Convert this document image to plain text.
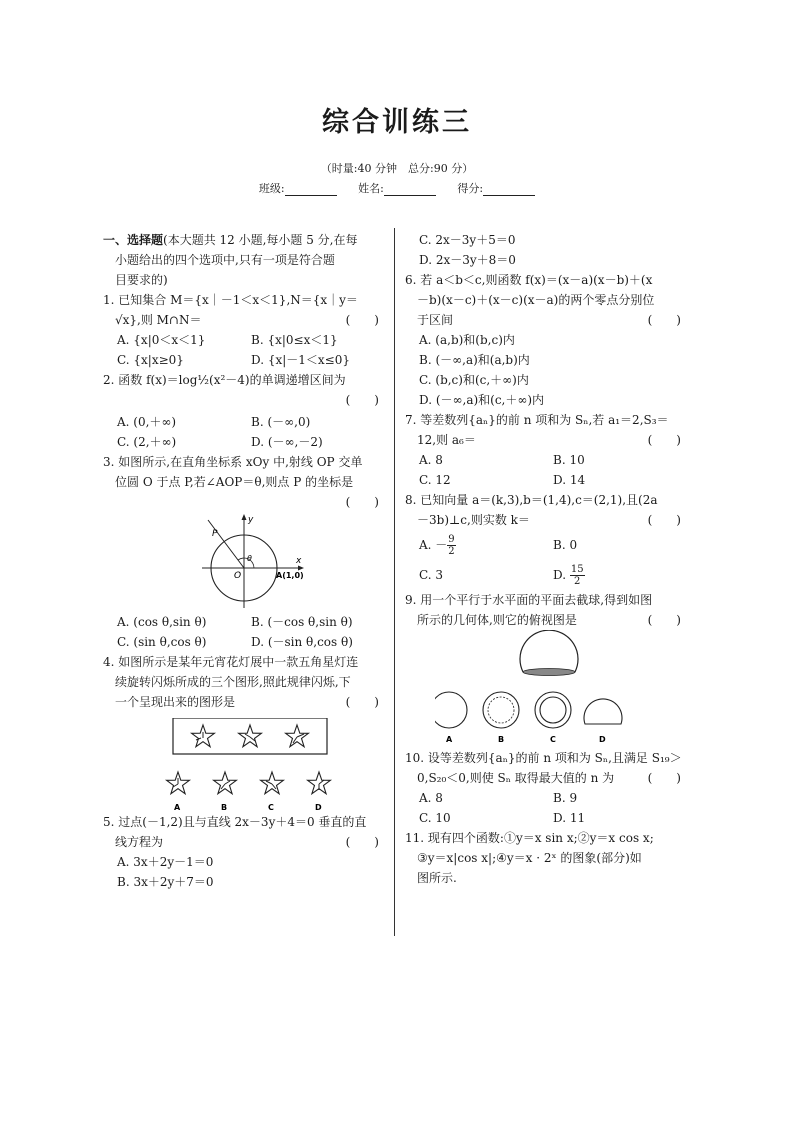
综合训练三
（时量:40 分钟　总分:90 分）
班级:	姓名:	得分:

一、选择题(本大题共 12 小题,每小题 5 分,在每

小题给出的四个选项中,只有一项是符合题

目要求的)

1. 已知集合 M＝{x｜－1＜x＜1},N＝{x｜y＝

√x},则 M∩N＝	(　　)

A. {x|0＜x＜1}	B. {x|0≤x＜1}
C. {x|x≥0}	D. {x|－1＜x≤0}

2. 函数 f(x)＝log½(x²－4)的单调递增区间为

(　　)

A. (0,＋∞)	B. (－∞,0)
C. (2,＋∞)	D. (－∞,－2)

3. 如图所示,在直角坐标系 xOy 中,射线 OP 交单

位圆 O 于点 P,若∠AOP＝θ,则点 P 的坐标是

(　　)

y
x
P
θ
O	A(1,0)
A. (cos θ,sin θ)	B. (－cos θ,sin θ)
C. (sin θ,cos θ)	D. (－sin θ,cos θ)

4. 如图所示是某年元宵花灯展中一款五角星灯连

续旋转闪烁所成的三个图形,照此规律闪烁,下

一个呈现出来的图形是	(　　)

A	B	C	D

5. 过点(－1,2)且与直线 2x－3y＋4＝0 垂直的直

线方程为	(　　)

A. 3x＋2y－1＝0

B. 3x＋2y＋7＝0

C. 2x－3y＋5＝0

D. 2x－3y＋8＝0

6. 若 a＜b＜c,则函数 f(x)＝(x－a)(x－b)＋(x

－b)(x－c)＋(x－c)(x－a)的两个零点分别位

于区间	(　　)

A. (a,b)和(b,c)内

B. (－∞,a)和(a,b)内

C. (b,c)和(c,＋∞)内

D. (－∞,a)和(c,＋∞)内

7. 等差数列{aₙ}的前 n 项和为 Sₙ,若 a₁＝2,S₃＝

12,则 a₆＝	(　　)

A. 8	B. 10
C. 12	D. 14

8. 已知向量 a＝(k,3),b＝(1,4),c＝(2,1),且(2a

－3b)⊥c,则实数 k＝	(　　)

A. － $\frac{9}{2}$	B. 0
C. 3	D. $\frac{15}{2}$

9. 用一个平行于水平面的平面去截球,得到如图

所示的几何体,则它的俯视图是	(　　)

A	B	C	D

10. 设等差数列{aₙ}的前 n 项和为 Sₙ,且满足 S₁₉＞

0,S₂₀＜0,则使 Sₙ 取得最大值的 n 为	(　　)

A. 8	B. 9
C. 10	D. 11

11. 现有四个函数:①y＝x sin x;②y＝x cos x;

③y＝x|cos x|;④y＝x · 2ˣ 的图象(部分)如

图所示.
